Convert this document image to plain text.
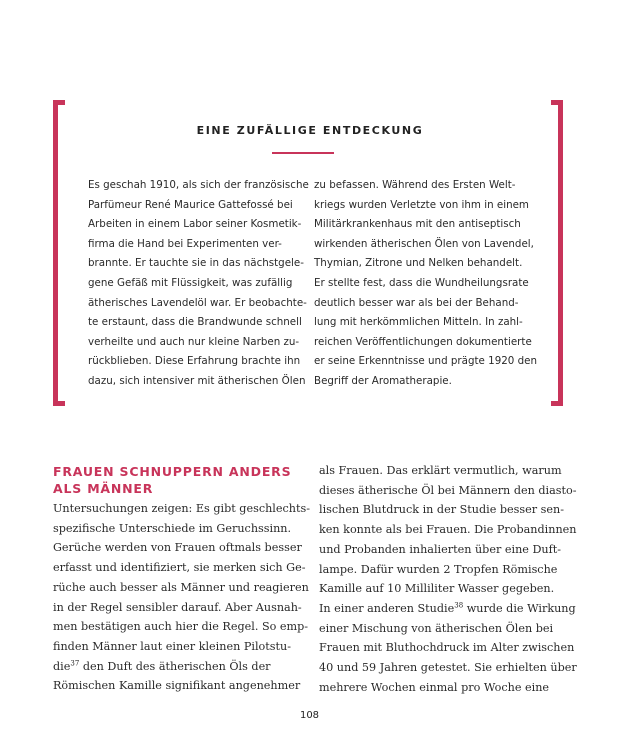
EINE ZUFÄLLIGE ENTDECKUNG
Es geschah 1910, als sich der französische
Parfümeur René Maurice Gattefossé bei
Arbeiten in einem Labor seiner Kosmetik-
firma die Hand bei Experimenten ver-
brannte. Er tauchte sie in das nächstgele-
gene Gefäß mit Flüssigkeit, was zufällig
ätherisches Lavendelöl war. Er beobachte-
te erstaunt, dass die Brandwunde schnell
verheilte und auch nur kleine Narben zu-
rückblieben. Diese Erfahrung brachte ihn
dazu, sich intensiver mit ätherischen Ölen
zu befassen. Während des Ersten Welt-
kriegs wurden Verletzte von ihm in einem
Militärkrankenhaus mit den antiseptisch
wirkenden ätherischen Ölen von Lavendel,
Thymian, Zitrone und Nelken behandelt.
Er stellte fest, dass die Wundheilungsrate
deutlich besser war als bei der Behand-
lung mit herkömmlichen Mitteln. In zahl-
reichen Veröffentlichungen dokumentierte
er seine Erkenntnisse und prägte 1920 den
Begriff der Aromatherapie.
FRAUEN SCHNUPPERN ANDERS
ALS MÄNNER
Untersuchungen zeigen: Es gibt geschlechts-
spezifische Unterschiede im Geruchssinn.
Gerüche werden von Frauen oftmals besser
erfasst und identifiziert, sie merken sich Ge-
rüche auch besser als Männer und reagieren
in der Regel sensibler darauf. Aber Ausnah-
men bestätigen auch hier die Regel. So emp-
finden Männer laut einer kleinen Pilotstu-
die$^{37}$ den Duft des ätherischen Öls der
Römischen Kamille signifikant angenehmer
als Frauen. Das erklärt vermutlich, warum
dieses ätherische Öl bei Männern den diasto-
lischen Blutdruck in der Studie besser sen-
ken konnte als bei Frauen. Die Probandinnen
und Probanden inhalierten über eine Duft-
lampe. Dafür wurden 2 Tropfen Römische
Kamille auf 10 Milliliter Wasser gegeben.
In einer anderen Studie$^{38}$ wurde die Wirkung
einer Mischung von ätherischen Ölen bei
Frauen mit Bluthochdruck im Alter zwischen
40 und 59 Jahren getestet. Sie erhielten über
mehrere Wochen einmal pro Woche eine
108
